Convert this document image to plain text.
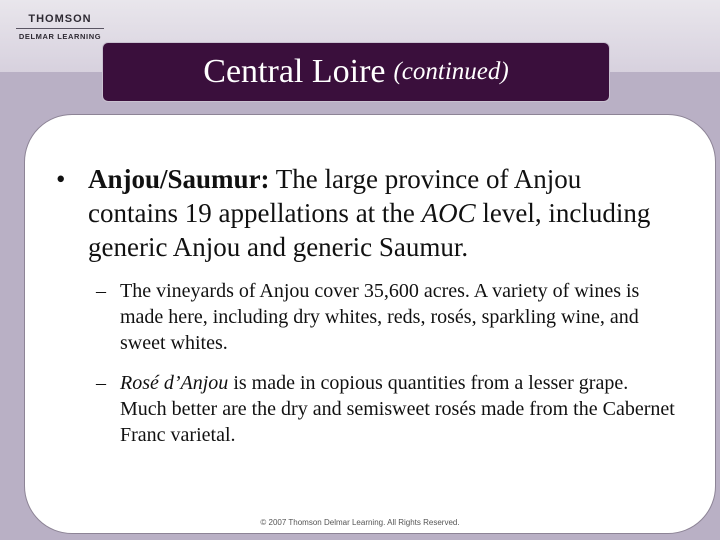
THOMSON
DELMAR LEARNING
Central Loire (continued)
• Anjou/Saumur: The large province of Anjou contains 19 appellations at the AOC level, including generic Anjou and generic Saumur.
– The vineyards of Anjou cover 35,600 acres. A variety of wines is made here, including dry whites, reds, rosés, sparkling wine, and sweet whites.
– Rosé d’Anjou is made in copious quantities from a lesser grape. Much better are the dry and semisweet rosés made from the Cabernet Franc varietal.
© 2007 Thomson Delmar Learning. All Rights Reserved.
